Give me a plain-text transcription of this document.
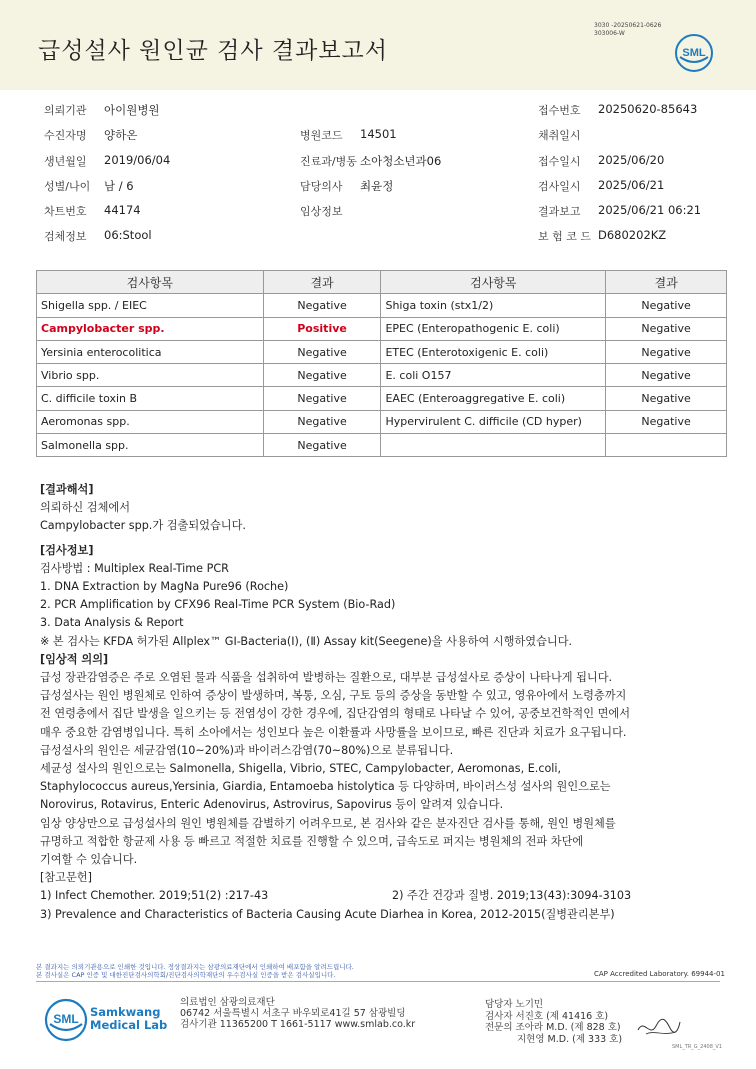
급성설사 원인균 검사 결과보고서
3030 -20250621-0626
303006-W
SML
의뢰기관 아이원병원	접수번호 20250620-85643
수진자명 양하온	병원코드 14501	채취일시
생년월일 2019/06/04	진료과/병동 소아청소년과06	접수일시 2025/06/20
성별/나이 남 / 6	담당의사 최윤정	검사일시 2025/06/21
차트번호 44174	임상정보	결과보고 2025/06/21 06:21
검체정보 06:Stool	보 험 코 드 D680202KZ
검사항목	결과	검사항목	결과
Shigella spp. / EIEC	Negative	Shiga toxin (stx1/2)	Negative
Campylobacter spp.	Positive	EPEC (Enteropathogenic E. coli)	Negative
Yersinia enterocolitica	Negative	ETEC (Enterotoxigenic E. coli)	Negative
Vibrio spp.	Negative	E. coli O157	Negative
C. difficile toxin B	Negative	EAEC (Enteroaggregative E. coli)	Negative
Aeromonas spp.	Negative	Hypervirulent C. difficile (CD hyper)	Negative
Salmonella spp.	Negative		

[결과해석]

의뢰하신 검체에서

Campylobacter spp.가 검출되었습니다.

[검사정보]

검사방법 : Multiplex Real-Time PCR

1. DNA Extraction by MagNa Pure96 (Roche)

2. PCR Amplification by CFX96 Real-Time PCR System (Bio-Rad)

3. Data Analysis & Report

※ 본 검사는 KFDA 허가된 Allplex™ GI-Bacteria(Ⅰ), (Ⅱ) Assay kit(Seegene)을 사용하여 시행하였습니다.

[임상적 의의]

급성 장관감염증은 주로 오염된 물과 식품을 섭취하여 발병하는 질환으로, 대부분 급성설사로 증상이 나타나게 됩니다.

급성설사는 원인 병원체로 인하여 증상이 발생하며, 복통, 오심, 구토 등의 증상을 동반할 수 있고, 영유아에서 노령층까지

전 연령층에서 집단 발생을 일으키는 등 전염성이 강한 경우에, 집단감염의 형태로 나타날 수 있어, 공중보건학적인 면에서

매우 중요한 감염병입니다. 특히 소아에서는 성인보다 높은 이환률과 사망률을 보이므로, 빠른 진단과 치료가 요구됩니다.

급성설사의 원인은 세균감염(10~20%)과 바이러스감염(70~80%)으로 분류됩니다.

세균성 설사의 원인으로는 Salmonella, Shigella, Vibrio, STEC, Campylobacter, Aeromonas, E.coli,

Staphylococcus aureus,Yersinia, Giardia, Entamoeba histolytica 등 다양하며, 바이러스성 설사의 원인으로는

Norovirus, Rotavirus, Enteric Adenovirus, Astrovirus, Sapovirus 등이 알려져 있습니다.

임상 양상만으로 급성설사의 원인 병원체를 감별하기 어려우므로, 본 검사와 같은 분자진단 검사를 통해, 원인 병원체를

규명하고 적합한 항균제 사용 등 빠르고 적절한 치료를 진행할 수 있으며, 급속도로 퍼지는 병원체의 전파 차단에

기여할 수 있습니다.

[참고문헌]

1) Infect Chemother. 2019;51(2) :217-43	2) 주간 건강과 질병. 2019;13(43):3094-3103

3) Prevalence and Characteristics of Bacteria Causing Acute Diarhea in Korea, 2012-2015(질병관리본부)

본 결과지는 의뢰기관용으로 인쇄한 것입니다. 정상결과지는 삼광의료재단에서 인쇄하여 배포함을 알려드립니다.
본 검사실은 CAP 인증 및 대한진단검사의학회/진단검사의학재단의 우수검사실 인증을 받은 검사실입니다.	CAP Accredited Laboratory. 69944-01
SML Samkwang
Medical Lab
의료법인 삼광의료재단
06742 서울특별시 서초구 바우뫼로41길 57 삼광빌딩
검사기관 11365200 T 1661-5117 www.smlab.co.kr
담당자 노기민
검사자 서진호 (제 41416 호)
전문의 조아라 M.D. (제 828 호)
지현영 M.D. (제 333 호)
SML_TR_G_2408_V1
